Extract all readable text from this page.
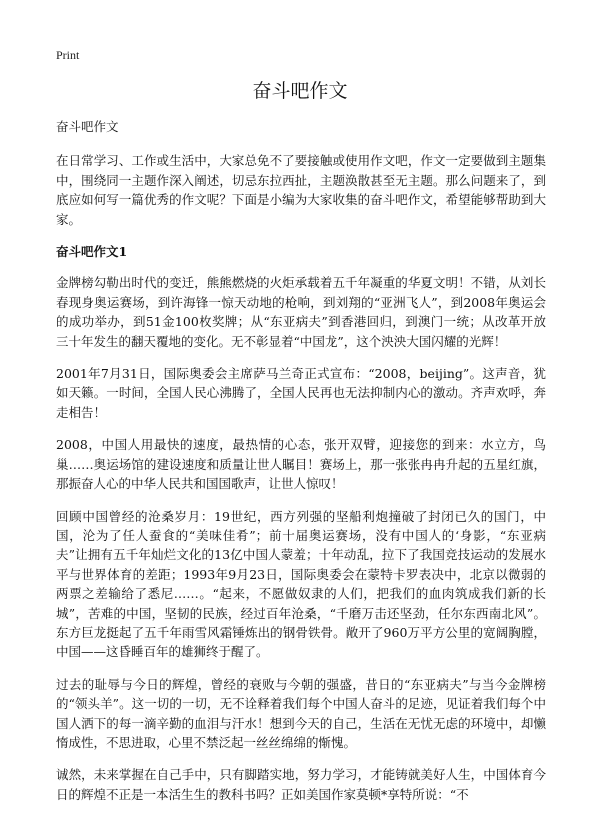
Print
奋斗吧作文

奋斗吧作文

在日常学习、工作或生活中，大家总免不了要接触或使用作文吧，作文一定要做到主题集中，围绕同一主题作深入阐述，切忌东拉西扯，主题涣散甚至无主题。那么问题来了，到底应如何写一篇优秀的作文呢？下面是小编为大家收集的奋斗吧作文，希望能够帮助到大家。

奋斗吧作文1

金牌榜勾勒出时代的变迁，熊熊燃烧的火炬承载着五千年凝重的华夏文明！不错，从刘长春现身奥运赛场，到许海锋一惊天动地的枪响，到刘翔的“亚洲飞人”，到2008年奥运会的成功举办，到51金100枚奖牌；从“东亚病夫”到香港回归，到澳门一统；从改革开放三十年发生的翻天覆地的变化。无不彰显着“中国龙”，这个泱泱大国闪耀的光辉！

2001年7月31日，国际奥委会主席萨马兰奇正式宣布：“2008，beijing”。这声音，犹如天籁。一时间，全国人民心沸腾了，全国人民再也无法抑制内心的激动。齐声欢呼，奔走相告！

2008，中国人用最快的速度，最热情的心态，张开双臂，迎接您的到来：水立方，鸟巢……奥运场馆的建设速度和质量让世人瞩目！赛场上，那一张张冉冉升起的五星红旗，那振奋人心的中华人民共和国国歌声，让世人惊叹！

回顾中国曾经的沧桑岁月：19世纪，西方列强的坚船利炮撞破了封闭已久的国门，中国，沦为了任人蚕食的“美味佳肴”；前十届奥运赛场，没有中国人的‘身影，“东亚病夫”让拥有五千年灿烂文化的13亿中国人蒙羞；十年动乱，拉下了我国竞技运动的发展水平与世界体育的差距；1993年9月23日，国际奥委会在蒙特卡罗表决中，北京以微弱的两票之差输给了悉尼……。“起来，不愿做奴隶的人们，把我们的血肉筑成我们新的长城”，苦难的中国，坚韧的民族，经过百年沧桑，“千磨万击还坚劲，任尔东西南北风”。东方巨龙挺起了五千年雨雪风霜锤炼出的钢骨铁骨。敞开了960万平方公里的宽阔胸膛，中国——这昏睡百年的雄狮终于醒了。

过去的耻辱与今日的辉煌，曾经的衰败与今朝的强盛，昔日的“东亚病夫”与当今金牌榜的“领头羊”。这一切的一切，无不诠释着我们每个中国人奋斗的足迹，见证着我们每个中国人洒下的每一滴辛勤的血泪与汗水！想到今天的自己，生活在无忧无虑的环境中，却懒惰成性，不思进取，心里不禁泛起一丝丝绵绵的惭愧。

诚然，未来掌握在自己手中，只有脚踏实地，努力学习，才能铸就美好人生，中国体育今日的辉煌不正是一本活生生的教科书吗？正如美国作家莫顿*享特所说：“不
